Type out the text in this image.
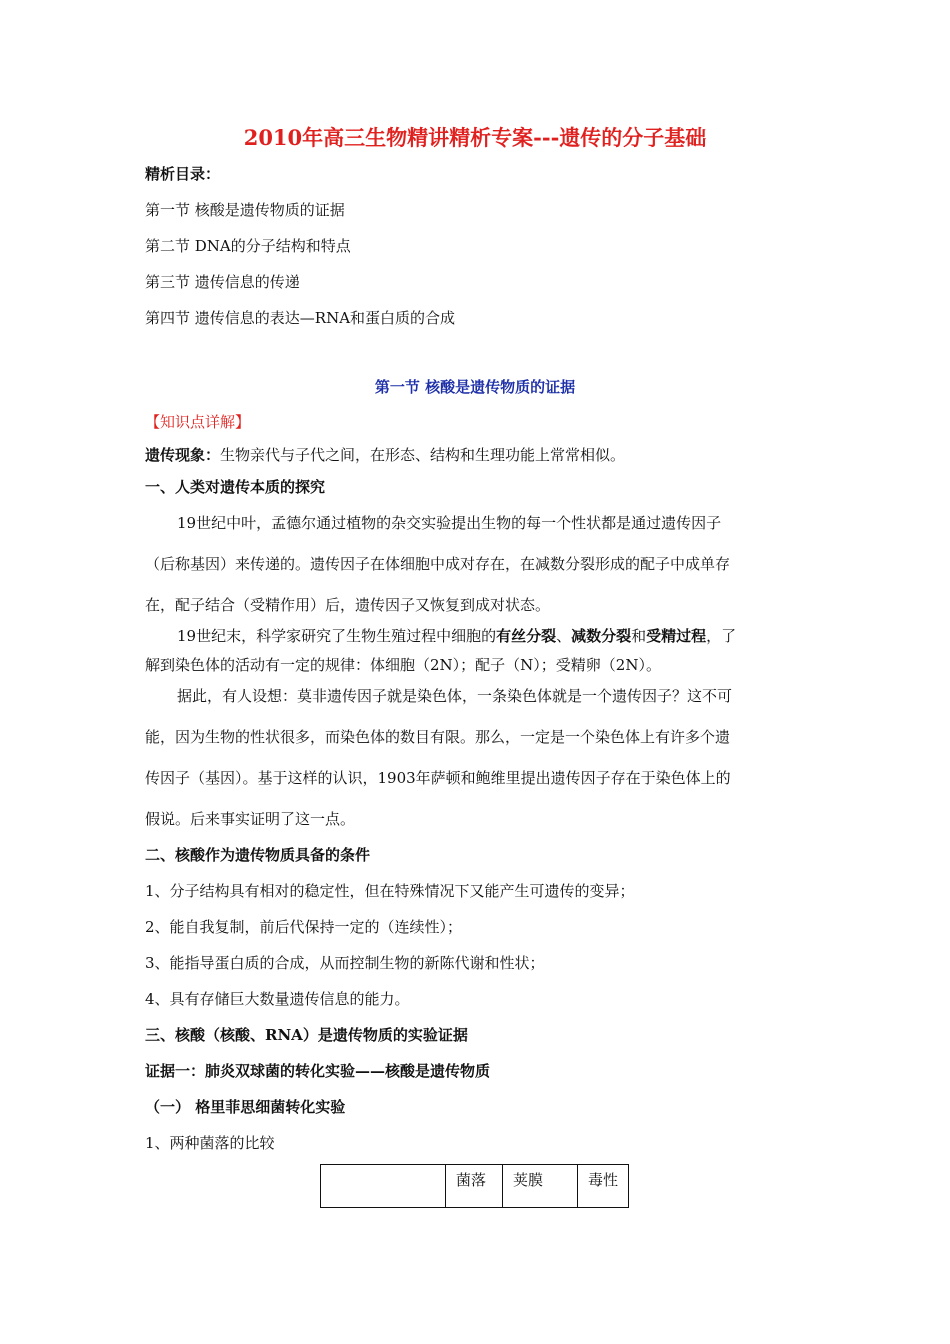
2010年高三生物精讲精析专案---遗传的分子基础
精析目录：
第一节 核酸是遗传物质的证据
第二节 DNA的分子结构和特点
第三节 遗传信息的传递
第四节 遗传信息的表达—RNA和蛋白质的合成
第一节 核酸是遗传物质的证据
【知识点详解】
遗传现象：生物亲代与子代之间，在形态、结构和生理功能上常常相似。
一、人类对遗传本质的探究
19世纪中叶，孟德尔通过植物的杂交实验提出生物的每一个性状都是通过遗传因子
（后称基因）来传递的。遗传因子在体细胞中成对存在，在减数分裂形成的配子中成单存
在，配子结合（受精作用）后，遗传因子又恢复到成对状态。
19世纪末，科学家研究了生物生殖过程中细胞的有丝分裂、减数分裂和受精过程，了
解到染色体的活动有一定的规律：体细胞（2N）；配子（N）；受精卵（2N）。
据此，有人设想：莫非遗传因子就是染色体，一条染色体就是一个遗传因子？这不可
能，因为生物的性状很多，而染色体的数目有限。那么，一定是一个染色体上有许多个遗
传因子（基因）。基于这样的认识，1903年萨顿和鲍维里提出遗传因子存在于染色体上的
假说。后来事实证明了这一点。
二、核酸作为遗传物质具备的条件
1、分子结构具有相对的稳定性，但在特殊情况下又能产生可遗传的变异；
2、能自我复制，前后代保持一定的（连续性）；
3、能指导蛋白质的合成，从而控制生物的新陈代谢和性状；
4、具有存储巨大数量遗传信息的能力。
三、核酸（核酸、RNA）是遗传物质的实验证据
证据一：肺炎双球菌的转化实验——核酸是遗传物质
（一） 格里菲思细菌转化实验
1、两种菌落的比较
	菌落	荚膜	毒性
